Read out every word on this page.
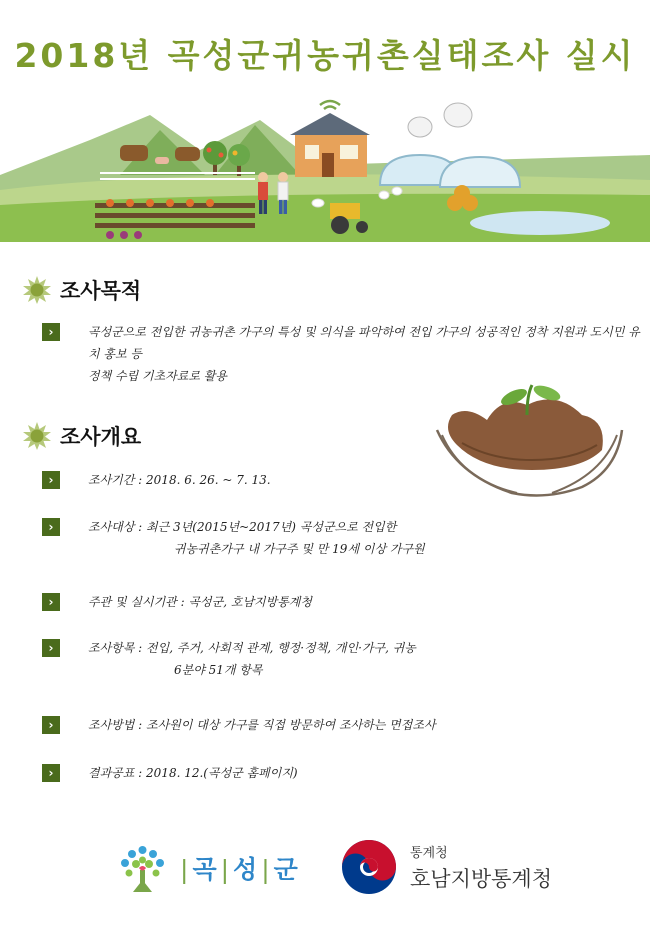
2018년 곡성군귀농귀촌실태조사 실시
조사목적
›	곡성군으로 전입한 귀농귀촌 가구의 특성 및 의식을 파악하여 전입 가구의 성공적인 정착 지원과 도시민 유치 홍보 등
정책 수립 기초자료로 활용
조사개요
›	조사기간 : 2018. 6. 26. ~ 7. 13.
›	조사대상 : 최근 3년(2015년~2017년) 곡성군으로 전입한
귀농귀촌가구 내 가구주 및 만 19세 이상 가구원
›	주관 및 실시기관 : 곡성군, 호남지방통계청
›	조사항목 : 전입, 주거, 사회적 관계, 행정·정책, 개인·가구, 귀농
6분야 51개 항목
›	조사방법 : 조사원이 대상 가구를 직접 방문하여 조사하는 면접조사
›	결과공표 : 2018. 12.(곡성군 홈페이지)
|곡|성|군
통계청
호남지방통계청
